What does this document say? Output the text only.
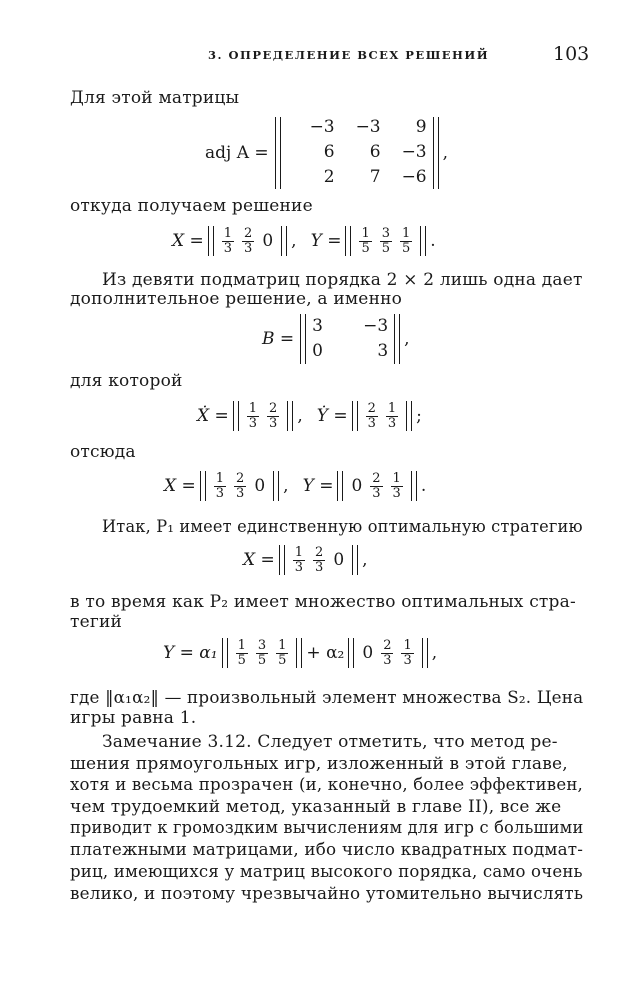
3. ОПРЕДЕЛЕНИЕ ВСЕХ РЕШЕНИЙ	103
Для этой матрицы
adj A =
−3	−3	9
6	6	−3
2	7	−6
,
откуда получаем решение
$X = \frac{1}{3} \frac{2}{3} 0$ , $Y = \frac{1}{5} \frac{3}{5} \frac{1}{5}$ .
Из девяти подматриц порядка 2 × 2 лишь одна дает
дополнительное решение, а именно
B =
3	−3
0	3
,
для которой
Ẋ = $\frac{1}{3} \frac{2}{3}$ , Ẏ = $\frac{2}{3} \frac{1}{3}$ ;
отсюда
$X = \frac{1}{3} \frac{2}{3} 0$ , $Y = 0 \frac{2}{3} \frac{1}{3}$ .
Итак, P₁ имеет единственную оптимальную стратегию
$X = \frac{1}{3} \frac{2}{3} 0$ ,
в то время как P₂ имеет множество оптимальных стра-
тегий
$Y = \alpha_1 \frac{1}{5} \frac{3}{5} \frac{1}{5} + \alpha_2$ $0 \frac{2}{3} \frac{1}{3}$ ,
где ‖α₁α₂‖ — произвольный элемент множества S₂. Цена
игры равна 1.
Замечание 3.12. Следует отметить, что метод ре-
шения прямоугольных игр, изложенный в этой главе,
хотя и весьма прозрачен (и, конечно, более эффективен,
чем трудоемкий метод, указанный в главе II), все же
приводит к громоздким вычислениям для игр с большими
платежными матрицами, ибо число квадратных подмат-
риц, имеющихся у матриц высокого порядка, само очень
велико, и поэтому чрезвычайно утомительно вычислять
